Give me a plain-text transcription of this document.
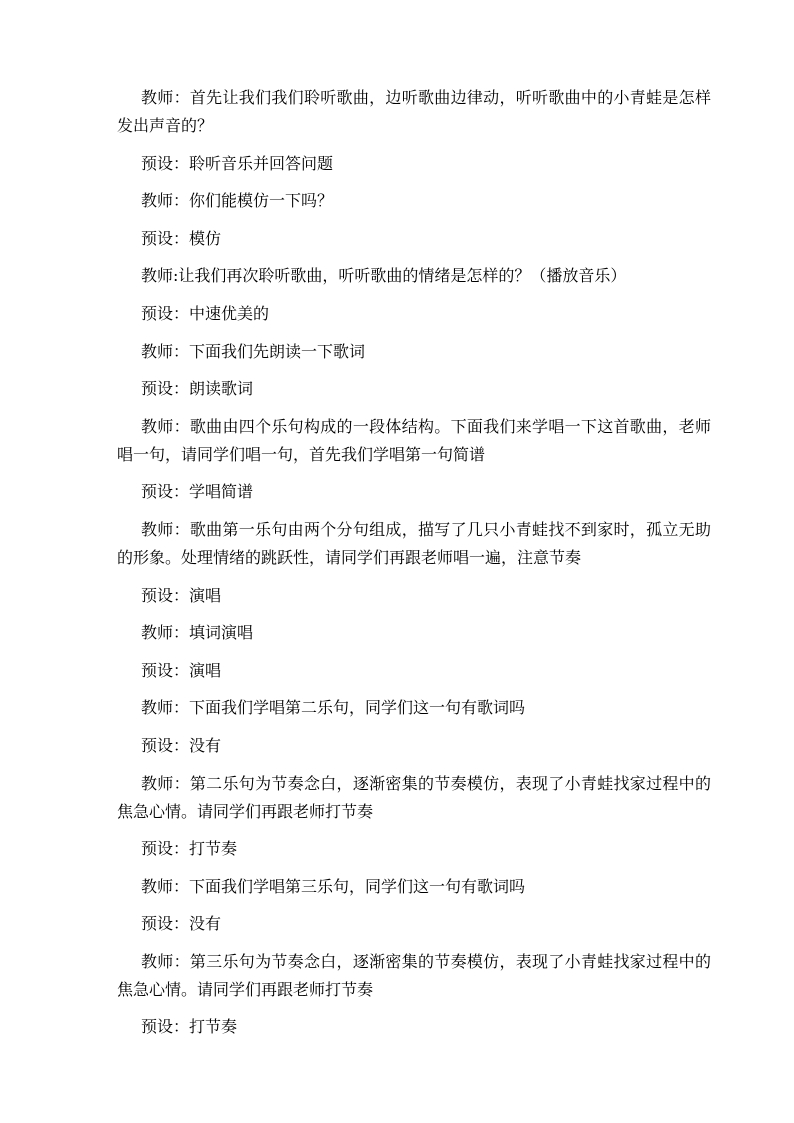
教师：首先让我们我们聆听歌曲，边听歌曲边律动，听听歌曲中的小青蛙是怎样发出声音的？

预设：聆听音乐并回答问题

教师：你们能模仿一下吗？

预设：模仿

教师:让我们再次聆听歌曲，听听歌曲的情绪是怎样的？（播放音乐）

预设：中速优美的

教师：下面我们先朗读一下歌词

预设：朗读歌词

教师：歌曲由四个乐句构成的一段体结构。下面我们来学唱一下这首歌曲，老师唱一句，请同学们唱一句，首先我们学唱第一句简谱

预设：学唱简谱

教师：歌曲第一乐句由两个分句组成，描写了几只小青蛙找不到家时，孤立无助的形象。处理情绪的跳跃性，请同学们再跟老师唱一遍，注意节奏

预设：演唱

教师：填词演唱

预设：演唱

教师：下面我们学唱第二乐句，同学们这一句有歌词吗

预设：没有

教师：第二乐句为节奏念白，逐渐密集的节奏模仿，表现了小青蛙找家过程中的焦急心情。请同学们再跟老师打节奏

预设：打节奏

教师：下面我们学唱第三乐句，同学们这一句有歌词吗

预设：没有

教师：第三乐句为节奏念白，逐渐密集的节奏模仿，表现了小青蛙找家过程中的焦急心情。请同学们再跟老师打节奏

预设：打节奏
